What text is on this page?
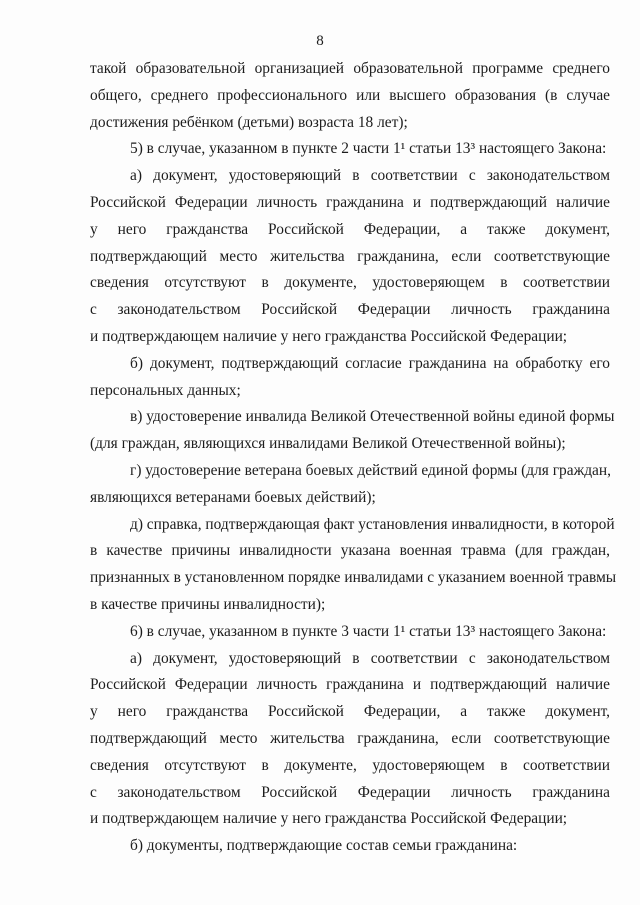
8
такой образовательной организацией образовательной программе среднего
общего, среднего профессионального или высшего образования (в случае
достижения ребёнком (детьми) возраста 18 лет);
5) в случае, указанном в пункте 2 части 1¹ статьи 13³ настоящего Закона:
а) документ, удостоверяющий в соответствии с законодательством
Российской Федерации личность гражданина и подтверждающий наличие
у него гражданства Российской Федерации, а также документ,
подтверждающий место жительства гражданина, если соответствующие
сведения отсутствуют в документе, удостоверяющем в соответствии
с законодательством Российской Федерации личность гражданина
и подтверждающем наличие у него гражданства Российской Федерации;
б) документ, подтверждающий согласие гражданина на обработку его
персональных данных;
в) удостоверение инвалида Великой Отечественной войны единой формы
(для граждан, являющихся инвалидами Великой Отечественной войны);
г) удостоверение ветерана боевых действий единой формы (для граждан,
являющихся ветеранами боевых действий);
д) справка, подтверждающая факт установления инвалидности, в которой
в качестве причины инвалидности указана военная травма (для граждан,
признанных в установленном порядке инвалидами с указанием военной травмы
в качестве причины инвалидности);
6) в случае, указанном в пункте 3 части 1¹ статьи 13³ настоящего Закона:
а) документ, удостоверяющий в соответствии с законодательством
Российской Федерации личность гражданина и подтверждающий наличие
у него гражданства Российской Федерации, а также документ,
подтверждающий место жительства гражданина, если соответствующие
сведения отсутствуют в документе, удостоверяющем в соответствии
с законодательством Российской Федерации личность гражданина
и подтверждающем наличие у него гражданства Российской Федерации;
б) документы, подтверждающие состав семьи гражданина:
